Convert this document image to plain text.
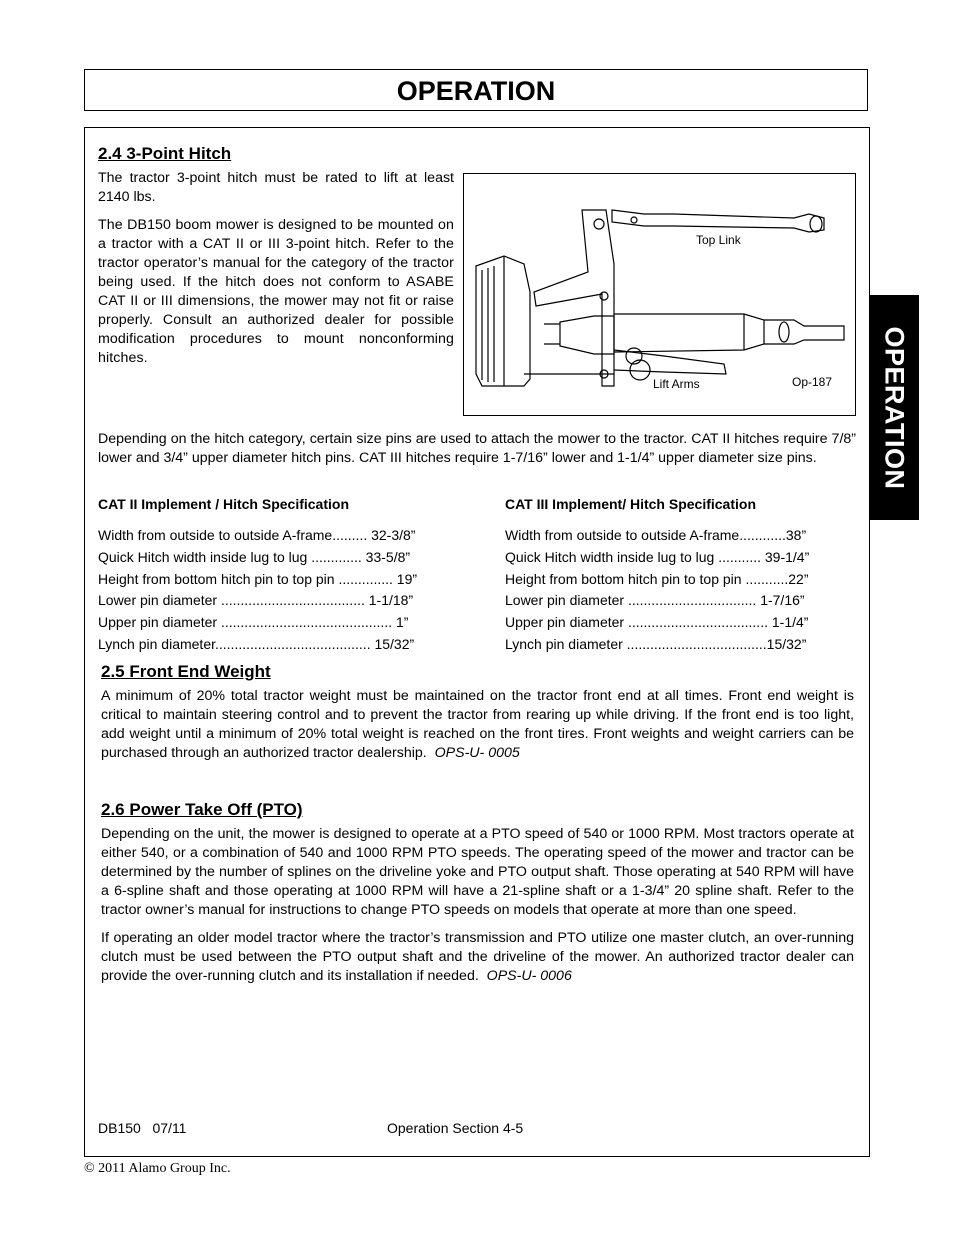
OPERATION
OPERATION
2.4 3-Point Hitch

The tractor 3-point hitch must be rated to lift at least 2140 lbs.

The DB150 boom mower is designed to be mounted on a tractor with a CAT II or III 3-point hitch. Refer to the tractor operator’s manual for the category of the tractor being used. If the hitch does not conform to ASABE CAT II or III dimensions, the mower may not fit or raise properly. Consult an authorized dealer for possible modification procedures to mount nonconforming hitches.

Top Link
Lift Arms	Op-187
Depending on the hitch category, certain size pins are used to attach the mower to the tractor. CAT II hitches require 7/8” lower and 3/4” upper diameter hitch pins. CAT III hitches require 1-7/16” lower and 1-1/4” upper diameter size pins.
CAT II Implement / Hitch Specification	CAT III Implement/ Hitch Specification
Width from outside to outside A-frame......... 32-3/8”
Quick Hitch width inside lug to lug ............. 33-5/8”
Height from bottom hitch pin to top pin .............. 19”
Lower pin diameter ..................................... 1-1/18”
Upper pin diameter ............................................ 1”
Lynch pin diameter........................................ 15/32”
Width from outside to outside A-frame............38”
Quick Hitch width inside lug to lug ........... 39-1/4”
Height from bottom hitch pin to top pin ...........22”
Lower pin diameter ................................. 1-7/16”
Upper pin diameter .................................... 1-1/4”
Lynch pin diameter ....................................15/32”
2.5 Front End Weight
A minimum of 20% total tractor weight must be maintained on the tractor front end at all times. Front end weight is critical to maintain steering control and to prevent the tractor from rearing up while driving. If the front end is too light, add weight until a minimum of 20% total weight is reached on the front tires. Front weights and weight carriers can be purchased through an authorized tractor dealership. OPS-U- 0005
2.6 Power Take Off (PTO)

Depending on the unit, the mower is designed to operate at a PTO speed of 540 or 1000 RPM. Most tractors operate at either 540, or a combination of 540 and 1000 RPM PTO speeds. The operating speed of the mower and tractor can be determined by the number of splines on the driveline yoke and PTO output shaft. Those operating at 540 RPM will have a 6-spline shaft and those operating at 1000 RPM will have a 21-spline shaft or a 1-3/4” 20 spline shaft. Refer to the tractor owner’s manual for instructions to change PTO speeds on models that operate at more than one speed.

If operating an older model tractor where the tractor’s transmission and PTO utilize one master clutch, an over-running clutch must be used between the PTO output shaft and the driveline of the mower. An authorized tractor dealer can provide the over-running clutch and its installation if needed. OPS-U- 0006

DB150   07/11	Operation Section 4-5
© 2011 Alamo Group Inc.
